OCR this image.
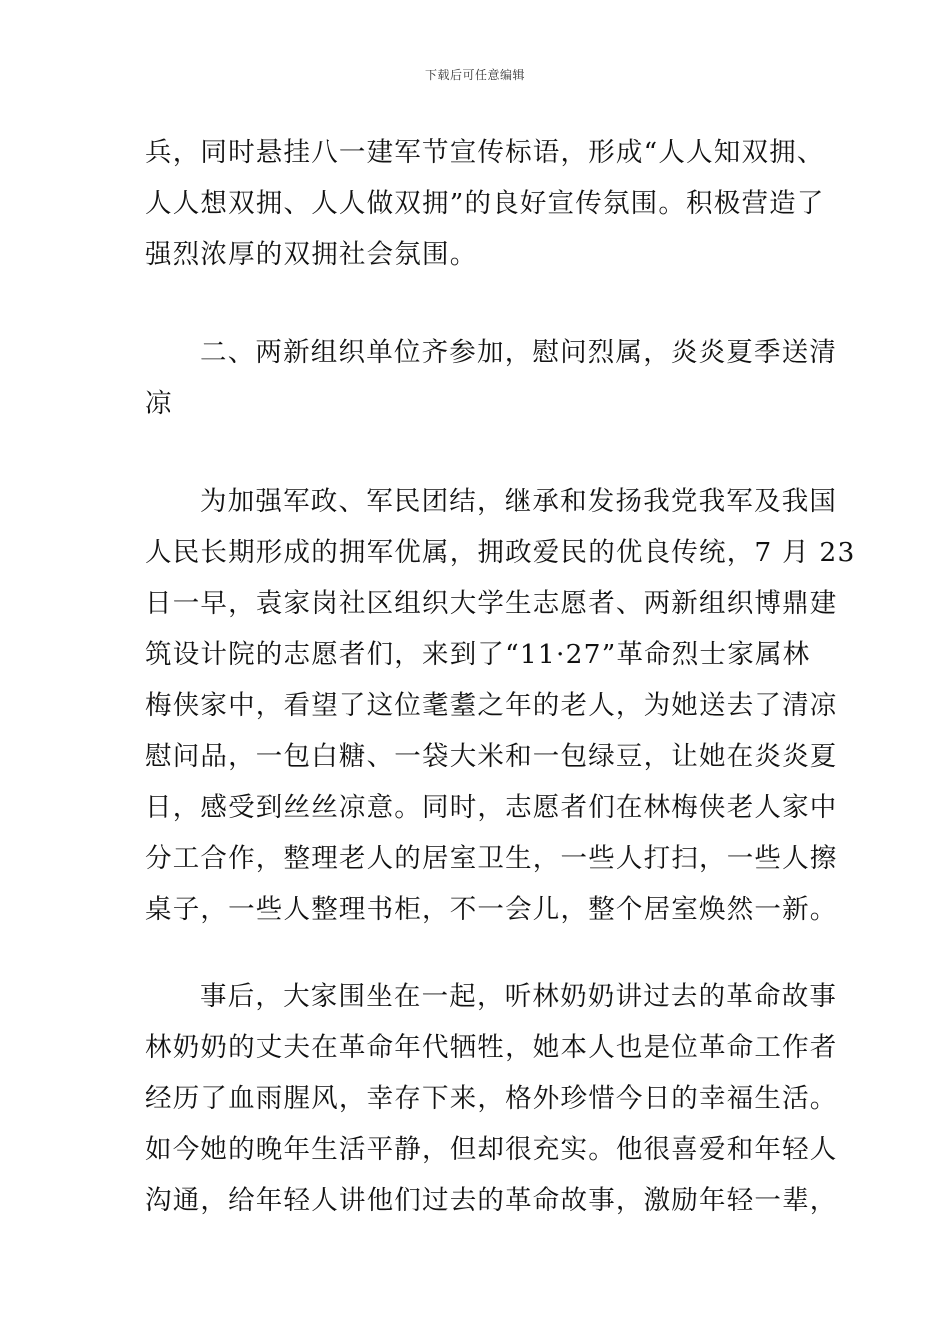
下载后可任意编辑
兵，同时悬挂八一建军节宣传标语，形成“人人知双拥、
人人想双拥、人人做双拥”的良好宣传氛围。积极营造了
强烈浓厚的双拥社会氛围。
二、两新组织单位齐参加，慰问烈属，炎炎夏季送清
凉
为加强军政、军民团结，继承和发扬我党我军及我国
人民长期形成的拥军优属，拥政爱民的优良传统，7 月 23
日一早，袁家岗社区组织大学生志愿者、两新组织博鼎建
筑设计院的志愿者们，来到了“11·27”革命烈士家属林
梅侠家中，看望了这位耄耋之年的老人，为她送去了清凉
慰问品，一包白糖、一袋大米和一包绿豆，让她在炎炎夏
日，感受到丝丝凉意。同时，志愿者们在林梅侠老人家中
分工合作，整理老人的居室卫生，一些人打扫，一些人擦
桌子，一些人整理书柜，不一会儿，整个居室焕然一新。
事后，大家围坐在一起，听林奶奶讲过去的革命故事
林奶奶的丈夫在革命年代牺牲，她本人也是位革命工作者
经历了血雨腥风，幸存下来，格外珍惜今日的幸福生活。
如今她的晚年生活平静，但却很充实。他很喜爱和年轻人
沟通，给年轻人讲他们过去的革命故事，激励年轻一辈，
